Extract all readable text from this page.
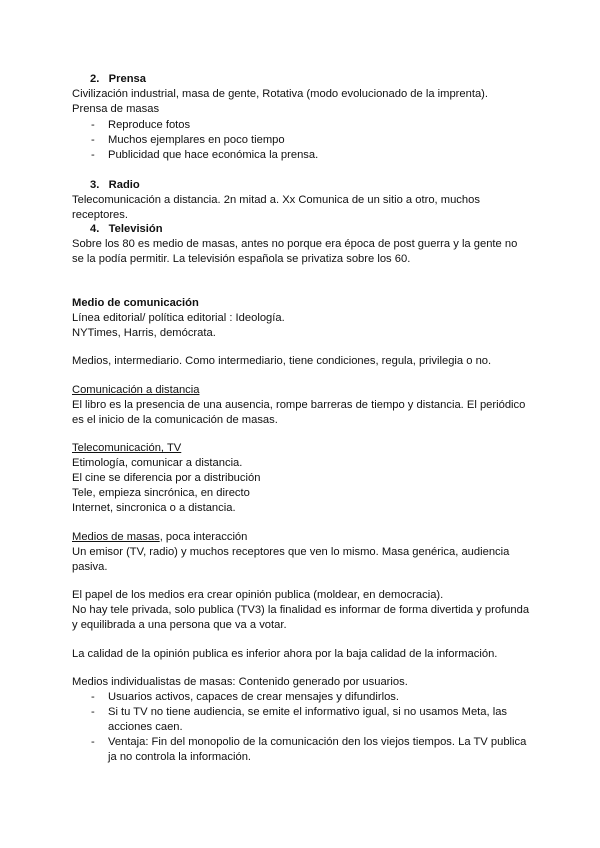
2. Prensa
Civilización industrial, masa de gente, Rotativa (modo evolucionado de la imprenta).
Prensa de masas
- Reproduce fotos
- Muchos ejemplares en poco tiempo
- Publicidad que hace económica la prensa.
3. Radio
Telecomunicación a distancia. 2n mitad a. Xx Comunica de un sitio a otro, muchos
receptores.
4. Televisión
Sobre los 80 es medio de masas, antes no porque era época de post guerra y la gente no
se la podía permitir. La televisión española se privatiza sobre los 60.
Medio de comunicación
Línea editorial/ política editorial : Ideología.
NYTimes, Harris, demócrata.
Medios, intermediario. Como intermediario, tiene condiciones, regula, privilegia o no.
Comunicación a distancia
El libro es la presencia de una ausencia, rompe barreras de tiempo y distancia. El periódico
es el inicio de la comunicación de masas.
Telecomunicación, TV
Etimología, comunicar a distancia.
El cine se diferencia por a distribución
Tele, empieza sincrónica, en directo
Internet, sincronica o a distancia.
Medios de masas, poca interacción
Un emisor (TV, radio) y muchos receptores que ven lo mismo. Masa genérica, audiencia
pasiva.
El papel de los medios era crear opinión publica (moldear, en democracia).
No hay tele privada, solo publica (TV3) la finalidad es informar de forma divertida y profunda
y equilibrada a una persona que va a votar.
La calidad de la opinión publica es inferior ahora por la baja calidad de la información.
Medios individualistas de masas: Contenido generado por usuarios.
- Usuarios activos, capaces de crear mensajes y difundirlos.
- Si tu TV no tiene audiencia, se emite el informativo igual, si no usamos Meta, las
acciones caen.
- Ventaja: Fin del monopolio de la comunicación den los viejos tiempos. La TV publica
ja no controla la información.
